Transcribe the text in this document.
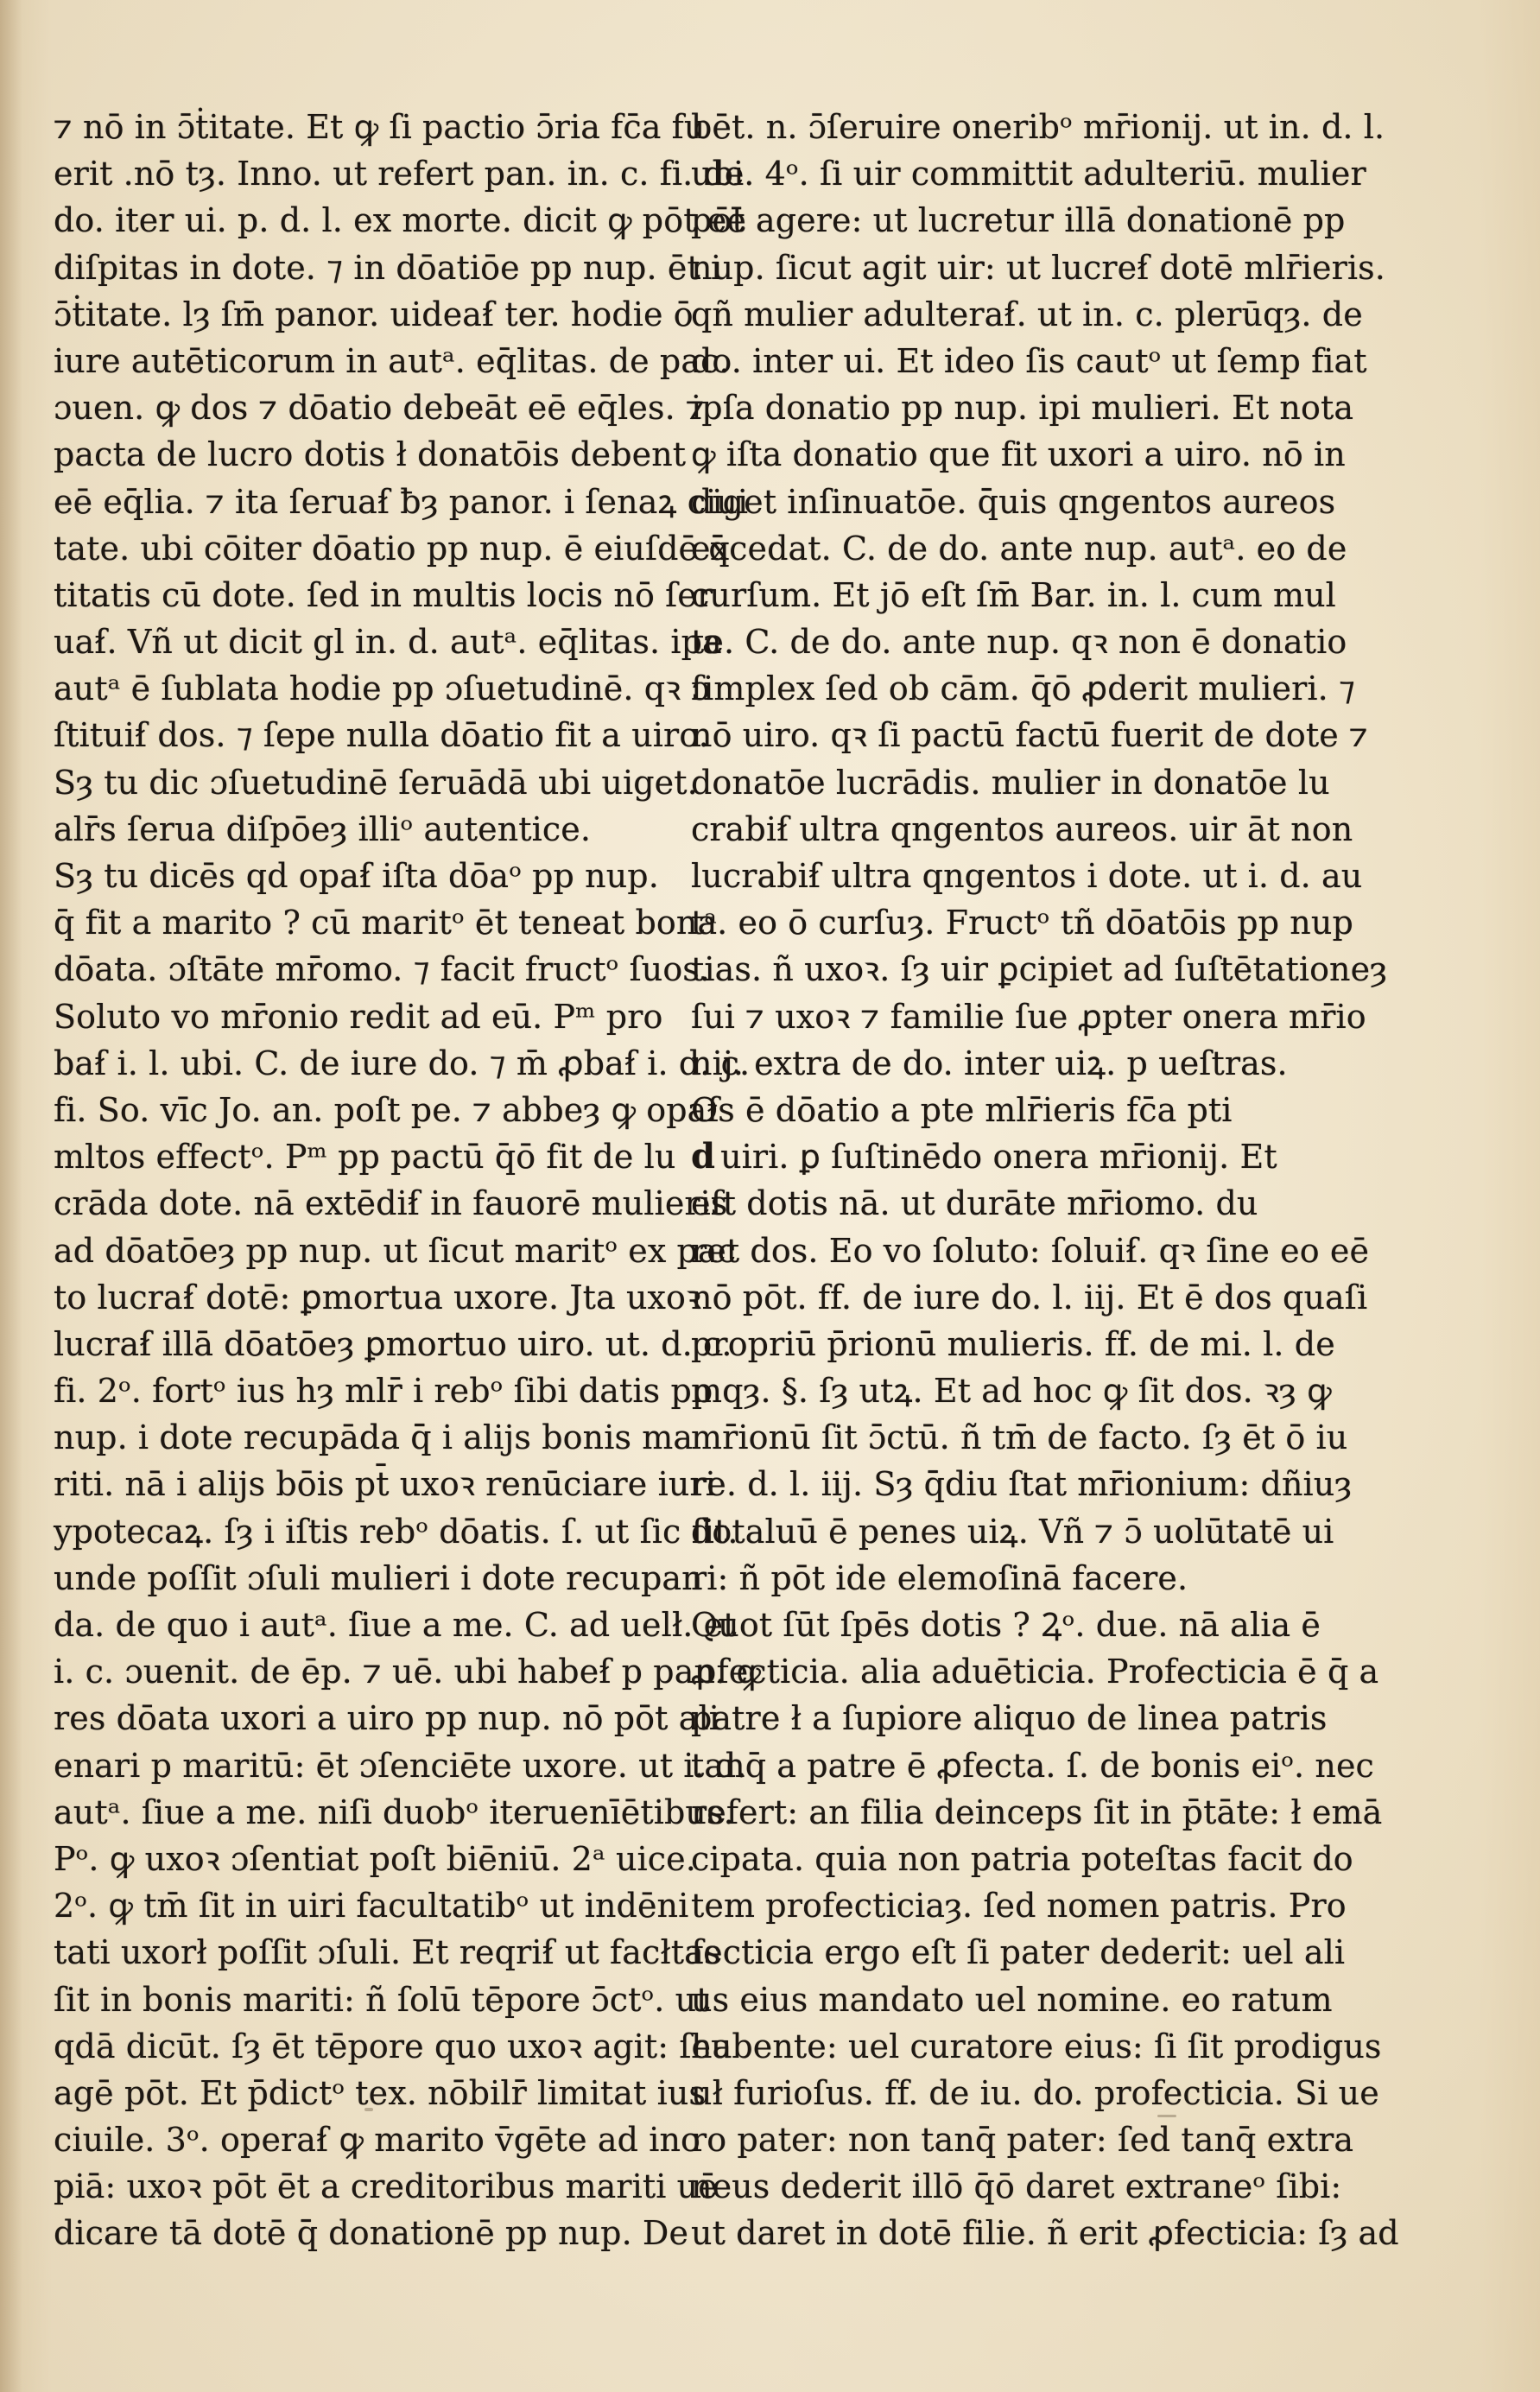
⁊ nō in ɔ̄ṫitate. Et ꝙ ſi pactio ɔ̄ria fc̄a fu
erit .nō tȝ. Inno. ut refert pan. in. c. fi. de
do. iter ui. p. d. l. ex morte. dicit ꝙ pōt eē
diſpitas in dote. ⁊ in dōatiōe pp nup. ēt i
ɔ̄ṫitate. lȝ ſm̄ panor. uideaẜ ter. hodie ō
iure autēticorum in autᵃ. eq̄litas. de pac.
ɔuen. ꝙ dos ⁊ dōatio debeāt eē eq̄les. ⁊
pacta de lucro dotis ł donatōis debent
eē eq̄lia. ⁊ ita ſeruaẜ ƀȝ panor. i ſenaꝝ ciui
tate. ubi cōiter dōatio pp nup. ē eiuſdē q̄̄
titatis cū dote. ſed in multis locis nō ſer
uaẜ. Vñ ut dicit gl in. d. autᵃ. eq̄litas. ipa
autᵃ ē ſublata hodie pp ɔſuetudinē. qꝛ ɔ
ſtituiẜ dos. ⁊ ſepe nulla dōatio fit a uiro.
Sȝ tu dic ɔſuetudinē ſeruādā ubi uiget.
alr̄s ſerua diſpōeȝ illiᵒ autentice.
Sȝ tu dicēs qd opaẜ iſta dōaᵒ pp nup.
q̄ fit a marito ? cū maritᵒ ēt teneat bona
dōata. ɔſtāte mr̄omo. ⁊ facit fructᵒ ſuos.
Soluto vo mr̄onio redit ad eū. Pᵐ pro
baẜ i. l. ubi. C. de iure do. ⁊ m̄ ꝓbaẜ i. d. c.
fi. So. vīc Jo. an. poſt pe. ⁊ abbeȝ ꝙ opaẜ
mltos effectᵒ. Pᵐ pp pactū q̄ō fit de lu
crāda dote. nā extēdiẜ in fauorē mulieris
ad dōatōeȝ pp nup. ut ſicut maritᵒ ex pac
to lucraẜ dotē: ꝑmortua uxore. Jta uxoꝛ
lucraẜ illā dōatōeȝ ꝑmortuo uiro. ut. d. c.
fi. 2ᵒ. fortᵒ ius hȝ mlr̄ i rebᵒ ſibi datis pp
nup. i dote recupāda q̄̄ i alijs bonis ma
riti. nā i alijs bōis pt̄ uxoꝛ renūciare iuri
ypotecaꝝ. ſȝ i iſtis rebᵒ dōatis. ſ. ut ſic ſit.
unde poſſit ɔſuli mulieri i dote recupan
da. de quo i autᵃ. ſiue a me. C. ad uelł. et
i. c. ɔuenit. de ēp. ⁊ uē. ubi habeẜ p pan. ꝙ
res dōata uxori a uiro pp nup. nō pōt ali
enari p maritū: ēt ɔſenciēte uxore. ut i. d.
autᵃ. ſiue a me. niſi duobᵒ iteruenīētibus.
Pᵒ. ꝙ uxoꝛ ɔſentiat poſt biēniū. 2ᵃ uice.
2ᵒ. ꝙ tm̄ ſit in uiri facultatibᵒ ut indēni
tati uxorł poſſit ɔſuli. Et reqriẜ ut facłtas
ſit in bonis mariti: ñ ſolū tēpore ɔ̄ctᵒ. ut
qdā dicūt. ſȝ ēt tēpore quo uxoꝛ agit: ſeu
agē pōt. Et p̄dictᵒ tex. nōbilr̄ limitat ius
ciuile. 3ᵒ. operaẜ ꝙ marito v̄gēte ad ino
piā: uxoꝛ pōt ēt a creditoribus mariti uē
dicare tā dotē q̄̄ donationē pp nup. De
bēt. n. ɔ̄ſeruire oneribᵒ mr̄ionij. ut in. d. l.
ubi. 4ᵒ. ſi uir committit adulteriū. mulier
pōt agere: ut lucretur illā donationē pp
nup. ſicut agit uir: ut lucreẜ dotē mlr̄ieris.
qñ mulier adulteraẜ. ut in. c. plerūqȝ. de
do. inter ui. Et ideo ſis cautᵒ ut ſemp fiat
ipſa donatio pp nup. ipi mulieri. Et nota
ꝙ iſta donatio que fit uxori a uiro. nō in
diget inſinuatōe. q̄̄uis qngentos aureos
excedat. C. de do. ante nup. autᵃ. eo de
curſum. Et jō eſt ſm̄ Bar. in. l. cum mul
te. C. de do. ante nup. qꝛ non ē donatio
ſimplex ſed ob cām. q̄ō ꝓderit mulieri. ⁊
nō uiro. qꝛ ſi pactū factū fuerit de dote ⁊
donatōe lucrādis. mulier in donatōe lu
crabiẜ ultra qngentos aureos. uir āt non
lucrabiẜ ultra qngentos i dote. ut i. d. au
tᵃ. eo ō curſuȝ. Fructᵒ tñ dōatōis pp nup
tias. ñ uxoꝛ. ſȝ uir ꝑcipiet ad ſuſtētationeȝ
ſui ⁊ uxoꝛ ⁊ familie ſue ꝓpter onera mr̄io
nij. extra de do. inter uiꝝ. p ueſtras.
Os ē dōatio a pte mlr̄ieris fc̄a pti
d uiri. ꝑ ſuſtinēdo onera mr̄ionij. Et
eſt dotis nā. ut durāte mr̄iomo. du
ret dos. Eo vo ſoluto: ſoluiẜ. qꝛ ſine eo eē
nō pōt. ff. de iure do. l. iij. Et ē dos quaſi
propriū p̄rionū mulieris. ff. de mi. l. de
mqȝ. §. ſȝ utꝝ. Et ad hoc ꝙ ſit dos. ꝛȝ ꝙ
mr̄ionū ſit ɔ̄ctū. ñ tm̄ de facto. ſȝ ēt ō iu
re. d. l. iij. Sȝ q̄̄diu ſtat mr̄ionium: dñiuȝ
dotaluū ē penes uiꝝ. Vñ ⁊ ɔ̄ uolūtatē ui
ri: ñ pōt ide elemoſinā facere.
Quot ſūt ſpēs dotis ? Ꝝᵒ. due. nā alia ē
ꝓfecticia. alia aduēticia. Profecticia ē q̄ a
patre ł a ſupiore aliquo de linea patris
tanq̄ a patre ē ꝓfecta. ſ. de bonis eiᵒ. nec
refert: an filia deinceps ſit in p̄tāte: ł emā
cipata. quia non patria poteſtas facit do
tem profecticiaȝ. ſed nomen patris. Pro
fecticia ergo eſt ſi pater dederit: uel ali
us eius mandato uel nomine. eo ratum
habente: uel curatore eius: ſi ſit prodigus
uł furioſus. ff. de iu. do. profecticia. Si ue
ro pater: non tanq̄ pater: ſed tanq̄ extra
neus dederit illō q̄ō daret extraneᵒ ſibi:
ut daret in dotē filie. ñ erit ꝓfecticia: ſȝ ad
